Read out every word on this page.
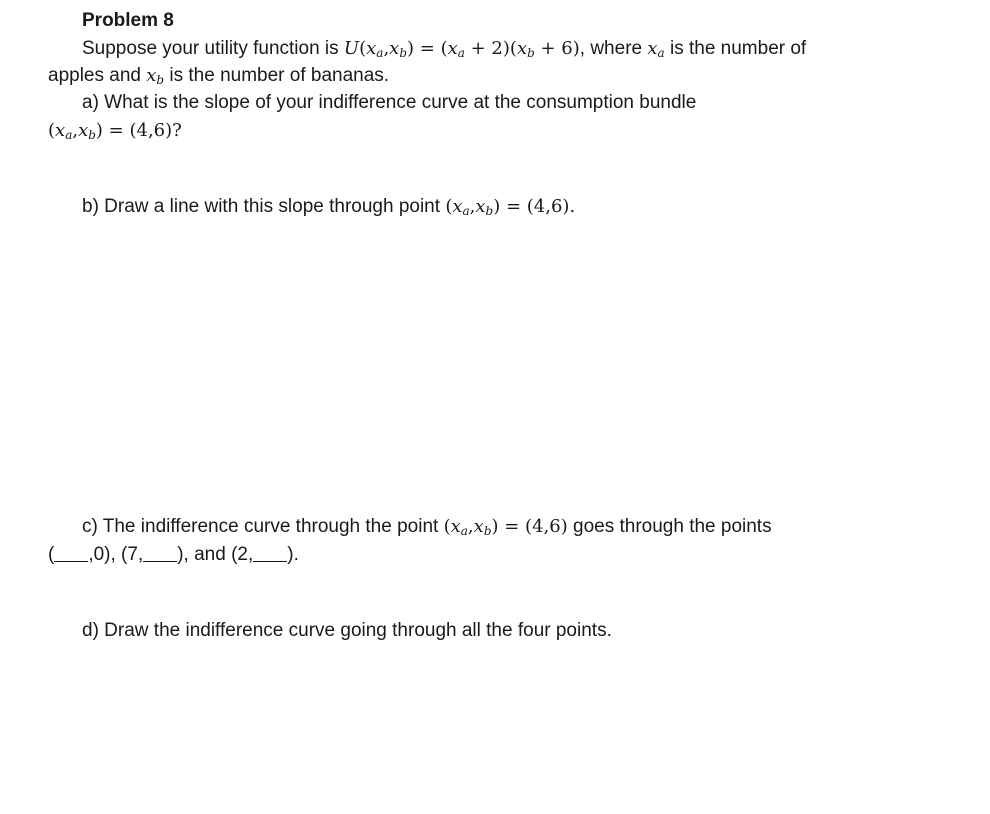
Problem 8
Suppose your utility function is $U(x_a,x_b) = (x_a + 2)(x_b + 6)$, where $x_a$ is the number of
apples and $x_b$ is the number of bananas.
a) What is the slope of your indifference curve at the consumption bundle
$(x_a,x_b) = (4,6)$?
b) Draw a line with this slope through point $(x_a,x_b) = (4,6)$.
c) The indifference curve through the point $(x_a,x_b) = (4,6)$ goes through the points
( ,0), (7, ), and (2, ).
d) Draw the indifference curve going through all the four points.
